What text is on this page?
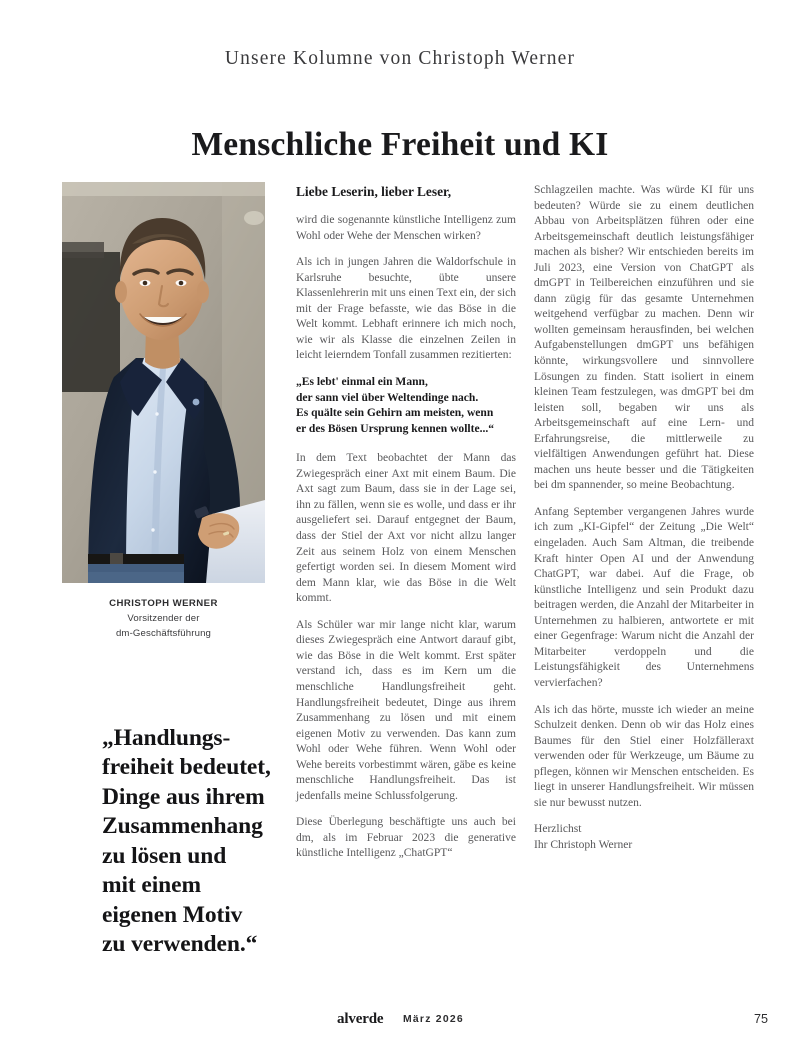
Unsere Kolumne von Christoph Werner
Menschliche Freiheit und KI
CHRISTOPH WERNER
Vorsitzender der
dm-Geschäftsführung
„Handlungs-
freiheit bedeutet,
Dinge aus ihrem
Zusammenhang
zu lösen und
mit einem
eigenen Motiv
zu verwenden.“

Liebe Leserin, lieber Leser,

wird die sogenannte künstliche Intelligenz zum Wohl oder Wehe der Menschen wirken?

Als ich in jungen Jahren die Waldorfschule in Karlsruhe besuchte, übte unsere Klassenlehrerin mit uns einen Text ein, der sich mit der Frage befasste, wie das Böse in die Welt kommt. Lebhaft erinnere ich mich noch, wie wir als Klasse die einzelnen Zeilen in leicht leierndem Tonfall zusammen rezitierten:

„Es lebt' einmal ein Mann,
der sann viel über Weltendinge nach.
Es quälte sein Gehirn am meisten, wenn
er des Bösen Ursprung kennen wollte...“

In dem Text beobachtet der Mann das Zwiegespräch einer Axt mit einem Baum. Die Axt sagt zum Baum, dass sie in der Lage sei, ihn zu fällen, wenn sie es wolle, und dass er ihr ausgeliefert sei. Darauf entgegnet der Baum, dass der Stiel der Axt vor nicht allzu langer Zeit aus seinem Holz von einem Menschen gefertigt worden sei. In diesem Moment wird dem Mann klar, wie das Böse in die Welt kommt.

Als Schüler war mir lange nicht klar, warum dieses Zwiegespräch eine Antwort darauf gibt, wie das Böse in die Welt kommt. Erst später verstand ich, dass es im Kern um die menschliche Handlungsfreiheit geht. Handlungsfreiheit bedeutet, Dinge aus ihrem Zusammenhang zu lösen und mit einem eigenen Motiv zu verwenden. Das kann zum Wohl oder Wehe führen. Wenn Wohl oder Wehe bereits vorbestimmt wären, gäbe es keine menschliche Handlungsfreiheit. Das ist jedenfalls meine Schlussfolgerung.

Diese Überlegung beschäftigte uns auch bei dm, als im Februar 2023 die generative künstliche Intelligenz „ChatGPT“

Schlagzeilen machte. Was würde KI für uns bedeuten? Würde sie zu einem deutlichen Abbau von Arbeitsplätzen führen oder eine Arbeitsgemeinschaft deutlich leistungsfähiger machen als bisher? Wir entschieden bereits im Juli 2023, eine Version von ChatGPT als dmGPT in Teilbereichen einzuführen und sie dann zügig für das gesamte Unternehmen weitgehend verfügbar zu machen. Denn wir wollten gemeinsam herausfinden, bei welchen Aufgabenstellungen dmGPT uns befähigen könnte, wirkungsvollere und sinnvollere Lösungen zu finden. Statt isoliert in einem kleinen Team festzulegen, was dmGPT bei dm leisten soll, begaben wir uns als Arbeitsgemeinschaft auf eine Lern- und Erfahrungsreise, die mittlerweile zu vielfältigen Anwendungen geführt hat. Diese machen uns heute besser und die Tätigkeiten bei dm spannender, so meine Beobachtung.

Anfang September vergangenen Jahres wurde ich zum „KI-Gipfel“ der Zeitung „Die Welt“ eingeladen. Auch Sam Altman, die treibende Kraft hinter Open AI und der Anwendung ChatGPT, war dabei. Auf die Frage, ob künstliche Intelligenz und sein Produkt dazu beitragen werden, die Anzahl der Mitarbeiter in Unternehmen zu halbieren, antwortete er mit einer Gegenfrage: Warum nicht die Anzahl der Mitarbeiter verdoppeln und die Leistungsfähigkeit des Unternehmens vervierfachen?

Als ich das hörte, musste ich wieder an meine Schulzeit denken. Denn ob wir das Holz eines Baumes für den Stiel einer Holzfälleraxt verwenden oder für Werkzeuge, um Bäume zu pflegen, können wir Menschen entscheiden. Es liegt in unserer Handlungsfreiheit. Wir müssen sie nur bewusst nutzen.

Herzlichst
Ihr Christoph Werner

alverde März 2026	75
